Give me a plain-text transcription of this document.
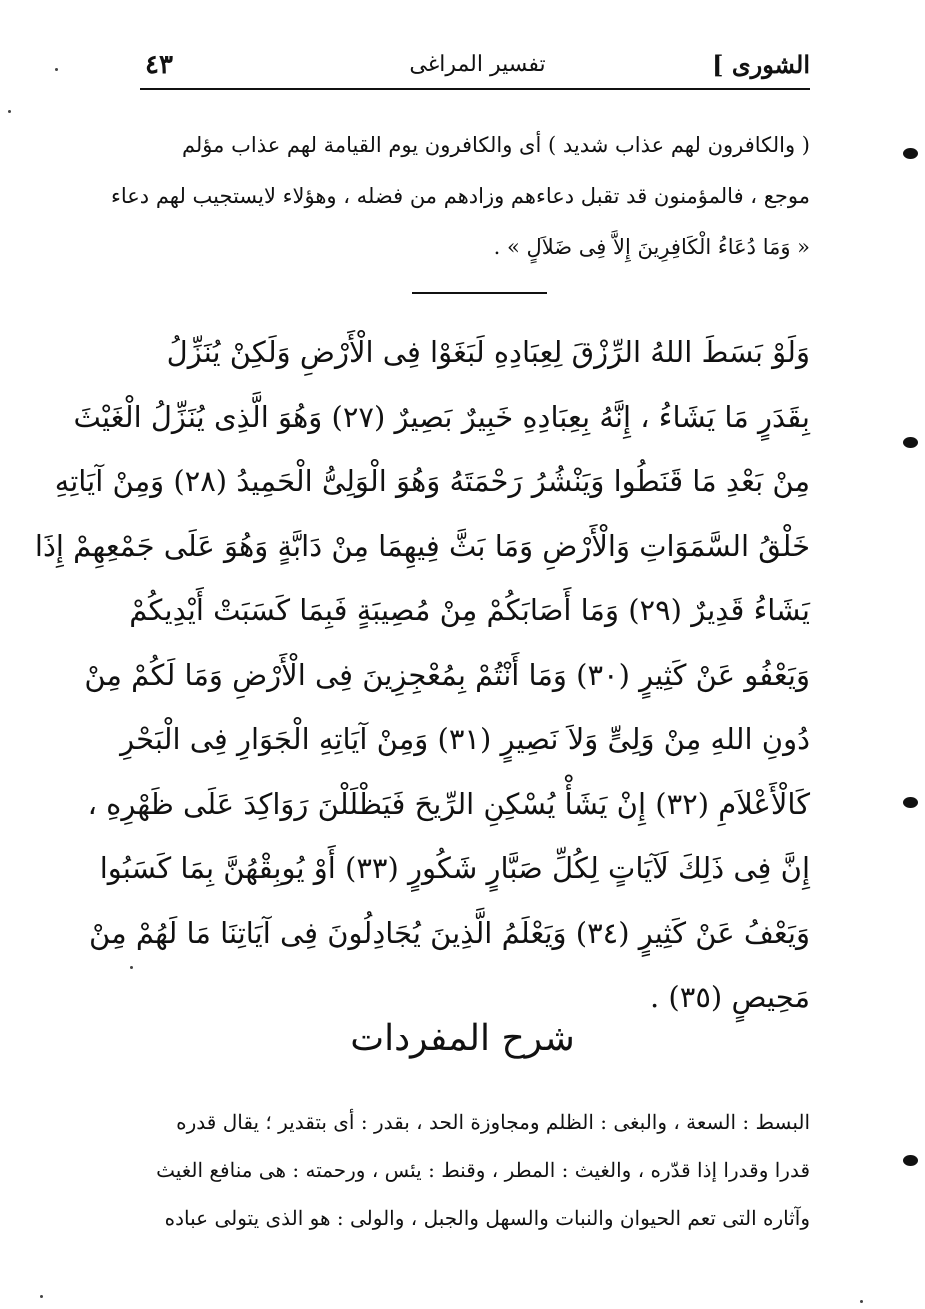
٤٣	تفسير المراغى	الشورى ]
( والكافرون لهم عذاب شديد ) أى والكافرون يوم القيامة لهم عذاب مؤلم
موجع ، فالمؤمنون قد تقبل دعاءهم وزادهم من فضله ، وهؤلاء لايستجيب لهم دعاء
« وَمَا دُعَاءُ الْكَافِرِينَ إِلاَّ فِى ضَلاَلٍ » .
وَلَوْ بَسَطَ اللهُ الرِّزْقَ لِعِبَادِهِ لَبَغَوْا فِى الْأَرْضِ وَلَكِنْ يُنَزِّلُ
بِقَدَرٍ مَا يَشَاءُ ، إِنَّهُ بِعِبَادِهِ خَبِيرٌ بَصِيرٌ (٢٧) وَهُوَ الَّذِى يُنَزِّلُ الْغَيْثَ
مِنْ بَعْدِ مَا قَنَطُوا وَيَنْشُرُ رَحْمَتَهُ وَهُوَ الْوَلِىُّ الْحَمِيدُ (٢٨) وَمِنْ آيَاتِهِ
خَلْقُ السَّمَوَاتِ وَالْأَرْضِ وَمَا بَثَّ فِيهِمَا مِنْ دَابَّةٍ وَهُوَ عَلَى جَمْعِهِمْ إِذَا
يَشَاءُ قَدِيرٌ (٢٩) وَمَا أَصَابَكُمْ مِنْ مُصِيبَةٍ فَبِمَا كَسَبَتْ أَيْدِيكُمْ
وَيَعْفُو عَنْ كَثِيرٍ (٣٠) وَمَا أَنْتُمْ بِمُعْجِزِينَ فِى الْأَرْضِ وَمَا لَكُمْ مِنْ
دُونِ اللهِ مِنْ وَلِىٍّ وَلاَ نَصِيرٍ (٣١) وَمِنْ آيَاتِهِ الْجَوَارِ فِى الْبَحْرِ
كَالْأَعْلاَمِ (٣٢) إِنْ يَشَأْ يُسْكِنِ الرِّيحَ فَيَظْلَلْنَ رَوَاكِدَ عَلَى ظَهْرِهِ ،
إِنَّ فِى ذَلِكَ لَآيَاتٍ لِكُلِّ صَبَّارٍ شَكُورٍ (٣٣) أَوْ يُوبِقْهُنَّ بِمَا كَسَبُوا
وَيَعْفُ عَنْ كَثِيرٍ (٣٤) وَيَعْلَمُ الَّذِينَ يُجَادِلُونَ فِى آيَاتِنَا مَا لَهُمْ مِنْ
مَحِيصٍ (٣٥) .
شرح المفردات
البسط : السعة ، والبغى : الظلم ومجاوزة الحد ، بقدر : أى بتقدير ؛ يقال قدره
قدرا وقدرا إذا قدّره ، والغيث : المطر ، وقنط : يئس ، ورحمته : هى منافع الغيث
وآثاره التى تعم الحيوان والنبات والسهل والجبل ، والولى : هو الذى يتولى عباده
